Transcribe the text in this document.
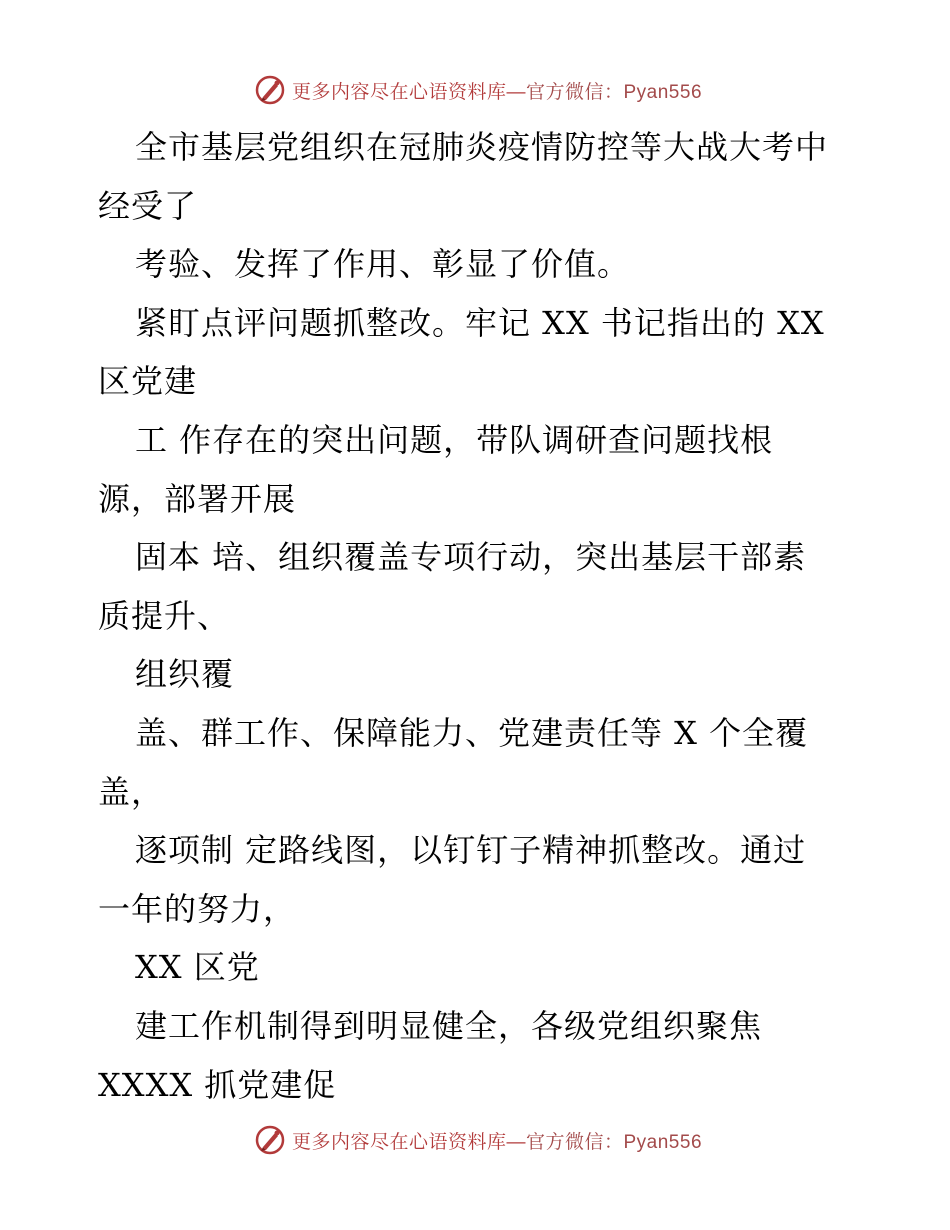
更多内容尽在心语资料库—官方微信：Pyan556
全市基层党组织在冠肺炎疫情防控等大战大考中
经受了
考验、发挥了作用、彰显了价值。
紧盯点评问题抓整改。牢记 XX 书记指出的 XX
区党建
工 作存在的突出问题，带队调研查问题找根
源，部署开展
固本 培、组织覆盖专项行动，突出基层干部素
质提升、
组织覆
盖、群工作、保障能力、党建责任等 X 个全覆
盖，
逐项制 定路线图，以钉钉子精神抓整改。通过
一年的努力，
XX 区党
建工作机制得到明显健全，各级党组织聚焦
XXXX 抓党建促
更多内容尽在心语资料库—官方微信：Pyan556
